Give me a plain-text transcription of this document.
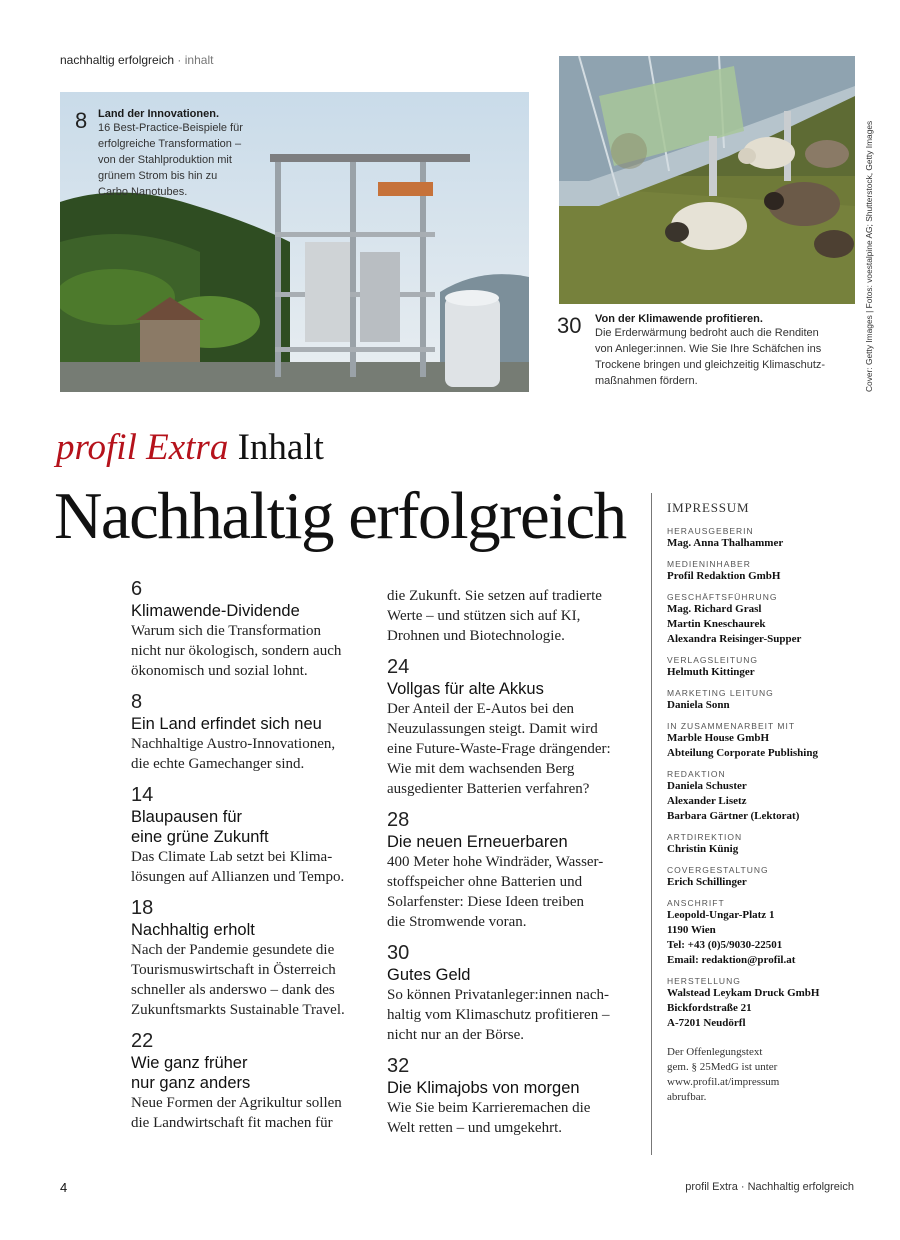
nachhaltig erfolgreich · inhalt
8 Land der Innovationen.
16 Best-Practice-Beispiele für
erfolgreiche Transformation –
von der Stahlproduktion mit
grünem Strom bis hin zu
Carbo Nanotubes.
30 Von der Klimawende profitieren.
Die Erderwärmung bedroht auch die Renditen
von Anleger:innen. Wie Sie Ihre Schäfchen ins
Trockene bringen und gleichzeitig Klimaschutz-
maßnahmen fördern.	Cover: Getty Images | Fotos: voestalpine AG; Shutterstock, Getty Images
profil Extra Inhalt
Nachhaltig erfolgreich
6
Klimawende-Dividende
Warum sich die Transformation
nicht nur ökologisch, sondern auch
ökonomisch und sozial lohnt.
8
Ein Land erfindet sich neu
Nachhaltige Austro-Innovationen,
die echte Gamechanger sind.
14
Blaupausen für
eine grüne Zukunft
Das Climate Lab setzt bei Klima-
lösungen auf Allianzen und Tempo.
18
Nachhaltig erholt
Nach der Pandemie gesundete die
Tourismuswirtschaft in Österreich
schneller als anderswo – dank des
Zukunftsmarkts Sustainable Travel.
22
Wie ganz früher
nur ganz anders
Neue Formen der Agrikultur sollen
die Landwirtschaft fit machen für
die Zukunft. Sie setzen auf tradierte
Werte – und stützen sich auf KI,
Drohnen und Biotechnologie.
24
Vollgas für alte Akkus
Der Anteil der E-Autos bei den
Neuzulassungen steigt. Damit wird
eine Future-Waste-Frage drängender:
Wie mit dem wachsenden Berg
ausgedienter Batterien verfahren?
28
Die neuen Erneuerbaren
400 Meter hohe Windräder, Wasser-
stoffspeicher ohne Batterien und
Solarfenster: Diese Ideen treiben
die Stromwende voran.
30
Gutes Geld
So können Privatanleger:innen nach-
haltig vom Klimaschutz profitieren –
nicht nur an der Börse.
32
Die Klimajobs von morgen
Wie Sie beim Karrieremachen die
Welt retten – und umgekehrt.
IMPRESSUM
HERAUSGEBERIN
Mag. Anna Thalhammer
MEDIENINHABER
Profil Redaktion GmbH
GESCHÄFTSFÜHRUNG
Mag. Richard Grasl
Martin Kneschaurek
Alexandra Reisinger-Supper
VERLAGSLEITUNG
Helmuth Kittinger
MARKETING LEITUNG
Daniela Sonn
IN ZUSAMMENARBEIT MIT
Marble House GmbH
Abteilung Corporate Publishing
REDAKTION
Daniela Schuster
Alexander Lisetz
Barbara Gärtner (Lektorat)
ARTDIREKTION
Christin Künig
COVERGESTALTUNG
Erich Schillinger
ANSCHRIFT
Leopold-Ungar-Platz 1
1190 Wien
Tel: +43 (0)5/9030-22501
Email: redaktion@profil.at
HERSTELLUNG
Walstead Leykam Druck GmbH
Bickfordstraße 21
A-7201 Neudörfl
Der Offenlegungstext
gem. § 25MedG ist unter
www.profil.at/impressum
abrufbar.
4	profil Extra · Nachhaltig erfolgreich
